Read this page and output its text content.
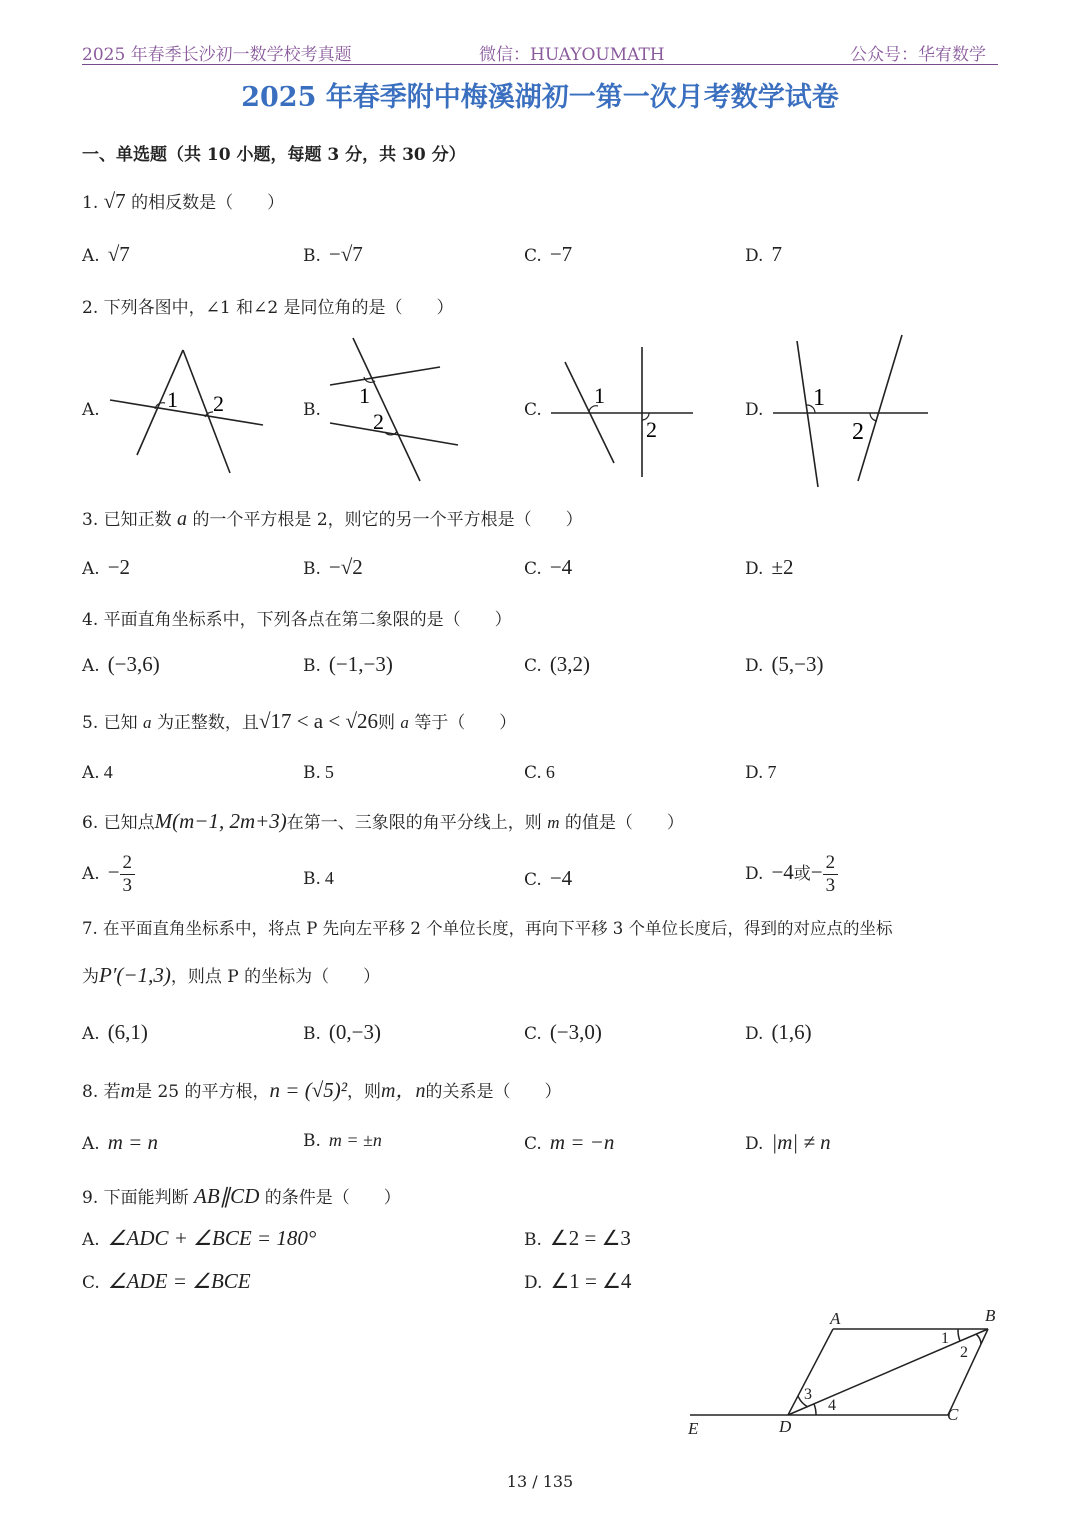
2025 年春季长沙初一数学校考真题	微信：HUAYOUMATH	公众号：华宥数学
2025 年春季附中梅溪湖初一第一次月考数学试卷
一、单选题（共 10 小题，每题 3 分，共 30 分）
1. √7 的相反数是（　　）
A. √7	B. −√7	C. −7	D. 7
2. 下列各图中，∠1 和∠2 是同位角的是（　　）
A.	1 2	B.
1
2	C.
1
2
D. 1
2
3. 已知正数 a 的一个平方根是 2，则它的另一个平方根是（　　）
A. −2	B. −√2	C. −4	D. ±2
4. 平面直角坐标系中，下列各点在第二象限的是（　　）
A. (−3,6)	B. (−1,−3)	C. (3,2)	D. (5,−3)
5. 已知 a 为正整数，且√17 < a < √26则 a 等于（　　）
A. 4	B. 5	C. 6	D. 7
6. 已知点M(m−1, 2m+3)在第一、三象限的角平分线上，则 m 的值是（　　）
A. − $\frac{2}{3}$	B. 4	C. −4	D. −4或− $\frac{2}{3}$
7. 在平面直角坐标系中，将点 P 先向左平移 2 个单位长度，再向下平移 3 个单位长度后，得到的对应点的坐标
为P′(−1,3)，则点 P 的坐标为（　　）
A. (6,1)	B. (0,−3)	C. (−3,0)	D. (1,6)
8. 若m是 25 的平方根，n = (√5)²，则m，n的关系是（　　）
A. m = n	B. m = ±n	C. m = −n	D. |m| ≠ n
9. 下面能判断 AB∥CD 的条件是（　　）
A. ∠ADC + ∠BCE = 180°	B. ∠2 = ∠3
C. ∠ADE = ∠BCE	D. ∠1 = ∠4
A	B
C
D
E
1
2
3
4
13 / 135
